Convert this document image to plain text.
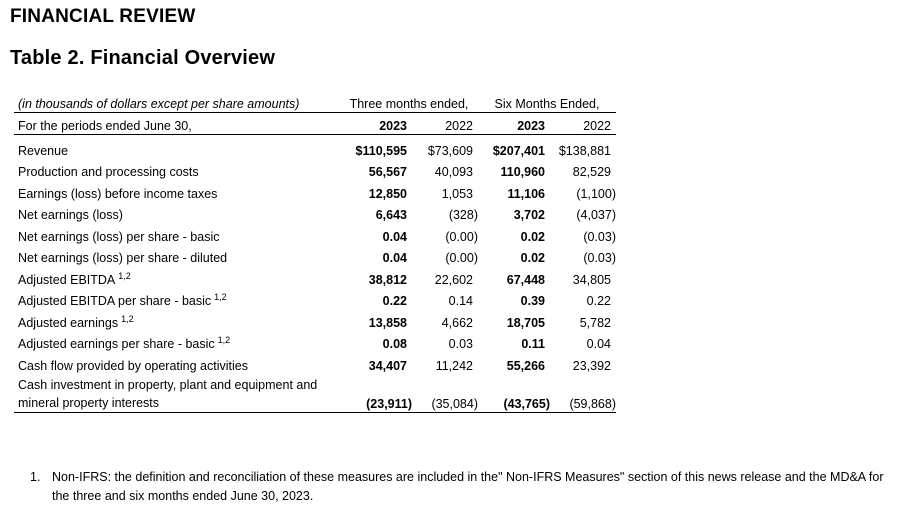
FINANCIAL REVIEW
Table 2. Financial Overview
(in thousands of dollars except per share amounts)	Three months ended,		Six Months Ended,	
For the periods ended June 30,	2023	2022	2023	2022
Revenue	$110,595	$73,609	$207,401	$138,881
Production and processing costs	56,567	40,093	110,960	82,529
Earnings (loss) before income taxes	12,850	1,053	11,106	(1,100)
Net earnings (loss)	6,643	(328)	3,702	(4,037)
Net earnings (loss) per share - basic	0.04	(0.00)	0.02	(0.03)
Net earnings (loss) per share - diluted	0.04	(0.00)	0.02	(0.03)
Adjusted EBITDA $^{1,2}$	38,812	22,602	67,448	34,805
Adjusted EBITDA per share - basic $^{1,2}$	0.22	0.14	0.39	0.22
Adjusted earnings $^{1,2}$	13,858	4,662	18,705	5,782
Adjusted earnings per share - basic $^{1,2}$	0.08	0.03	0.11	0.04
Cash flow provided by operating activities	34,407	11,242	55,266	23,392
Cash investment in property, plant and equipment and mineral property interests	(23,911)	(35,084)	(43,765)	(59,868)
1. Non-IFRS: the definition and reconciliation of these measures are included in the" Non-IFRS Measures" section of this news release and the MD&A for the three and six months ended June 30, 2023.
